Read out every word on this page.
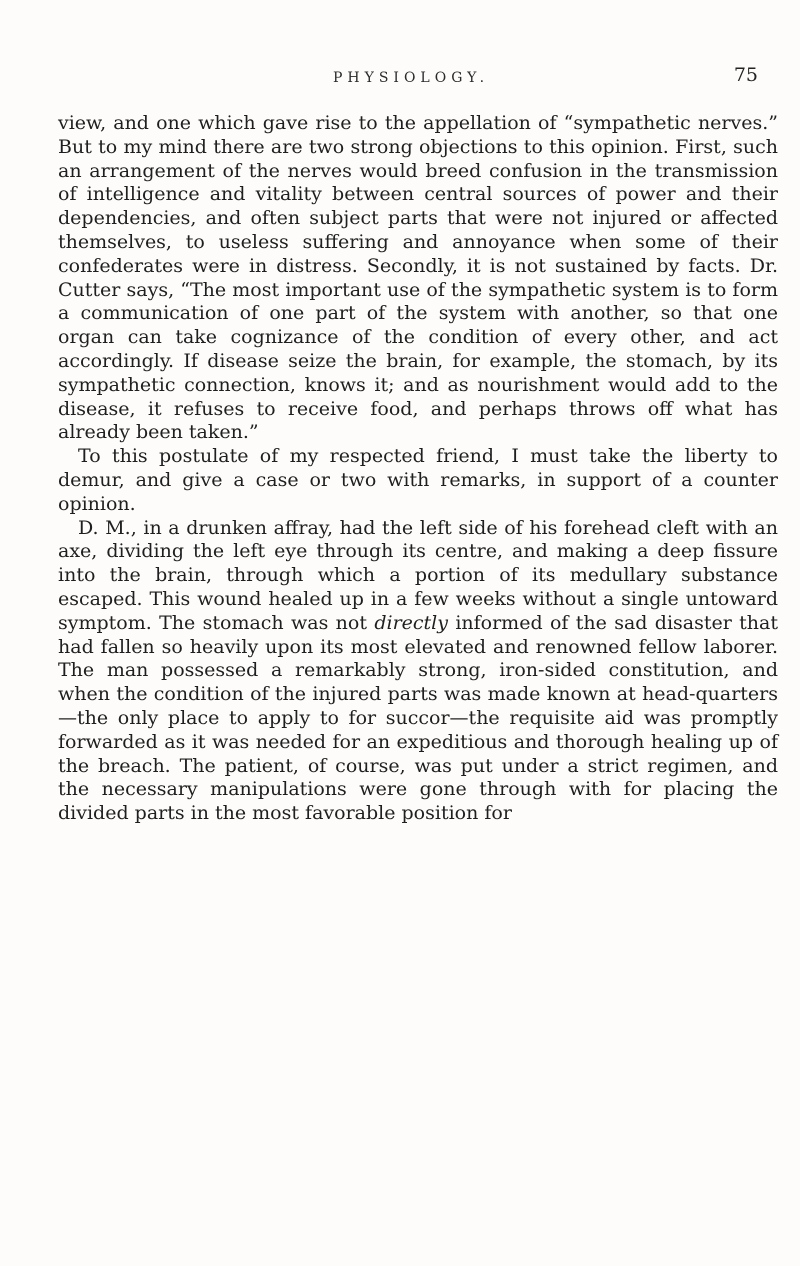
PHYSIOLOGY.	75

view, and one which gave rise to the appellation of “sympathetic nerves.” But to my mind there are two strong objections to this opinion. First, such an arrangement of the nerves would breed confusion in the transmission of intelligence and vitality between central sources of power and their dependencies, and often subject parts that were not injured or affected themselves, to useless suffering and annoyance when some of their confederates were in distress. Secondly, it is not sustained by facts. Dr. Cutter says, “The most important use of the sympathetic system is to form a communication of one part of the system with another, so that one organ can take cognizance of the condition of every other, and act accordingly. If disease seize the brain, for example, the stomach, by its sympathetic connection, knows it; and as nourishment would add to the disease, it refuses to receive food, and perhaps throws off what has already been taken.”

To this postulate of my respected friend, I must take the liberty to demur, and give a case or two with remarks, in support of a counter opinion.

D. M., in a drunken affray, had the left side of his forehead cleft with an axe, dividing the left eye through its centre, and making a deep fissure into the brain, through which a portion of its medullary substance escaped. This wound healed up in a few weeks without a single untoward symptom. The stomach was not directly informed of the sad disaster that had fallen so heavily upon its most elevated and renowned fellow laborer. The man possessed a remarkably strong, iron-sided constitution, and when the condition of the injured parts was made known at head-quarters—the only place to apply to for succor—the requisite aid was promptly forwarded as it was needed for an expeditious and thorough healing up of the breach. The patient, of course, was put under a strict regimen, and the necessary manipulations were gone through with for placing the divided parts in the most favorable position for
